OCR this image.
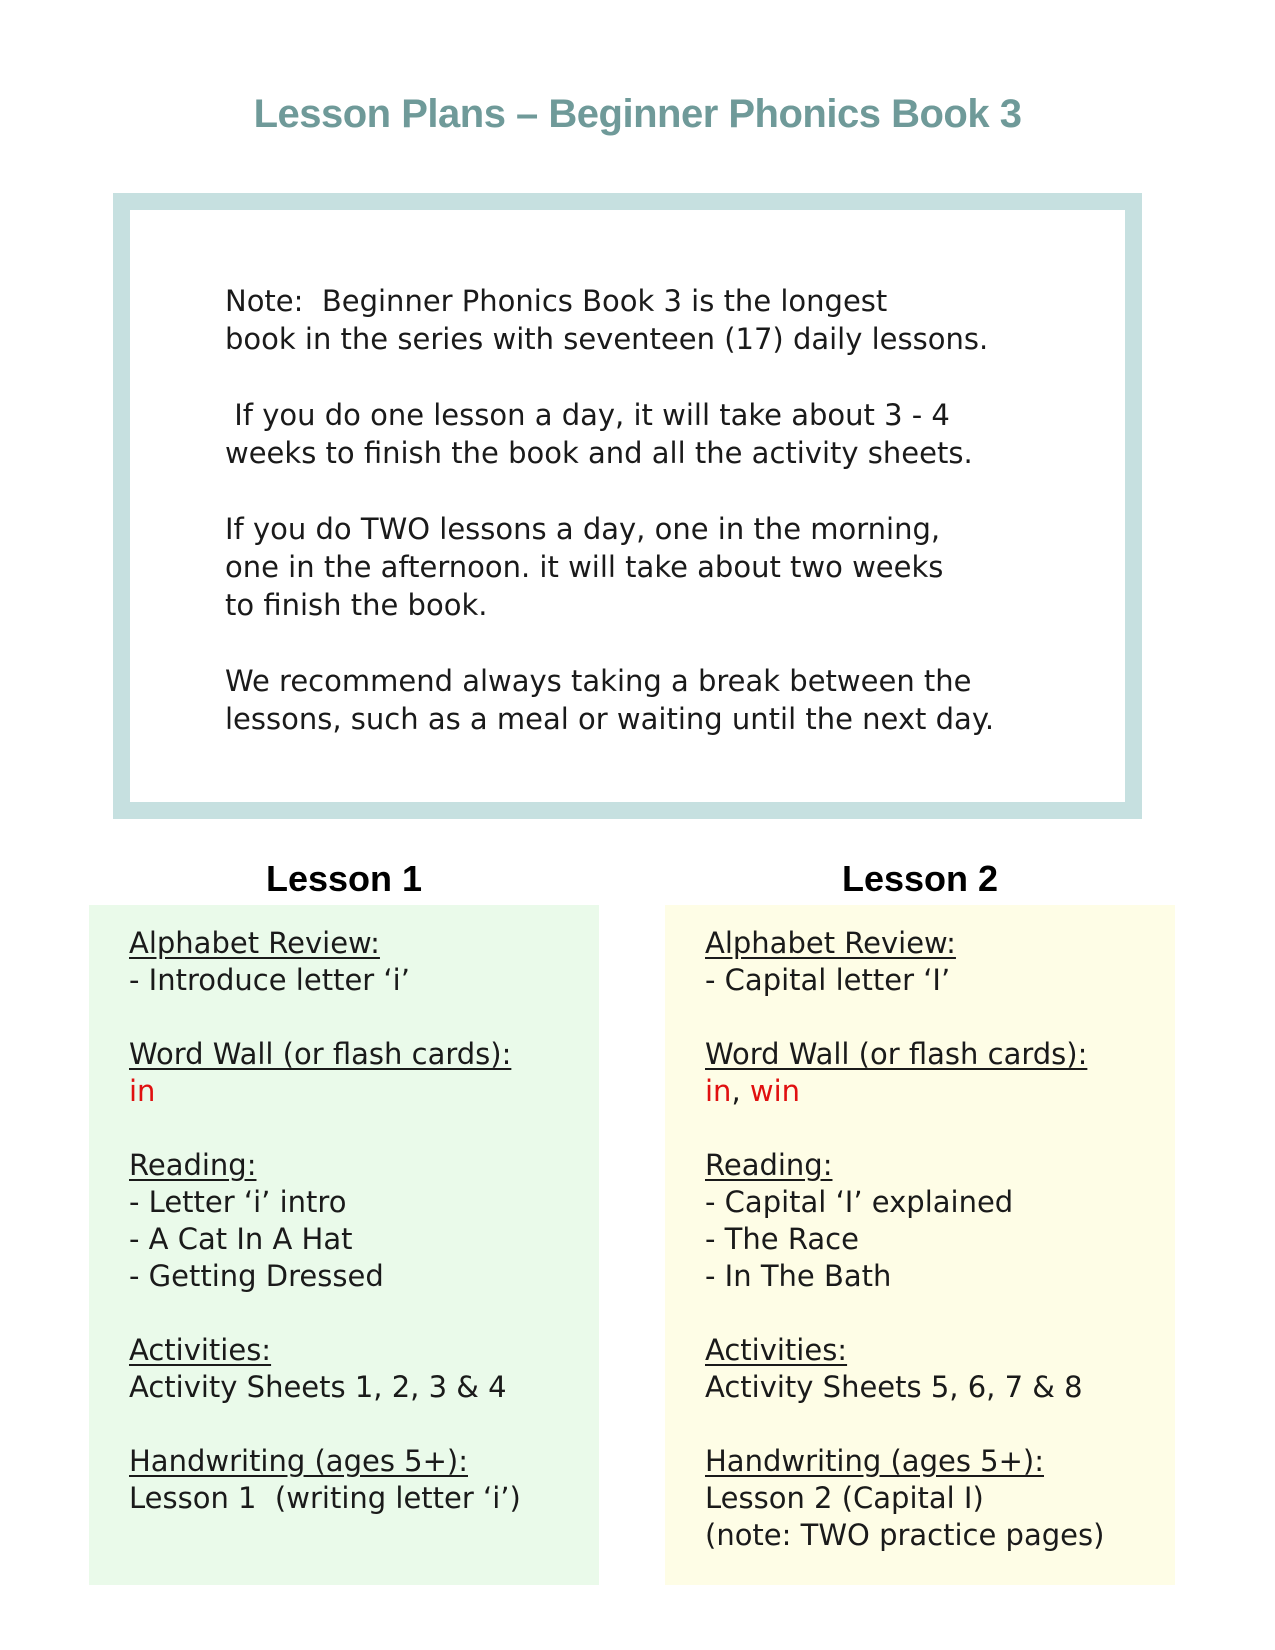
Lesson Plans – Beginner Phonics Book 3

Note:  Beginner Phonics Book 3 is the longest
book in the series with seventeen (17) daily lessons.

If you do one lesson a day, it will take about 3 - 4
weeks to finish the book and all the activity sheets.

If you do TWO lessons a day, one in the morning,
one in the afternoon. it will take about two weeks
to finish the book.

We recommend always taking a break between the
lessons, such as a meal or waiting until the next day.

Lesson 1
Alphabet Review:
- Introduce letter ‘i’
Word Wall (or flash cards):
in
Reading:
- Letter ‘i’ intro
- A Cat In A Hat
- Getting Dressed
Activities:
Activity Sheets 1, 2, 3 & 4
Handwriting (ages 5+):
Lesson 1  (writing letter ‘i’)
Lesson 2
Alphabet Review:
- Capital letter ‘I’
Word Wall (or flash cards):
in, win
Reading:
- Capital ‘I’ explained
- The Race
- In The Bath
Activities:
Activity Sheets 5, 6, 7 & 8
Handwriting (ages 5+):
Lesson 2 (Capital I)
(note: TWO practice pages)
